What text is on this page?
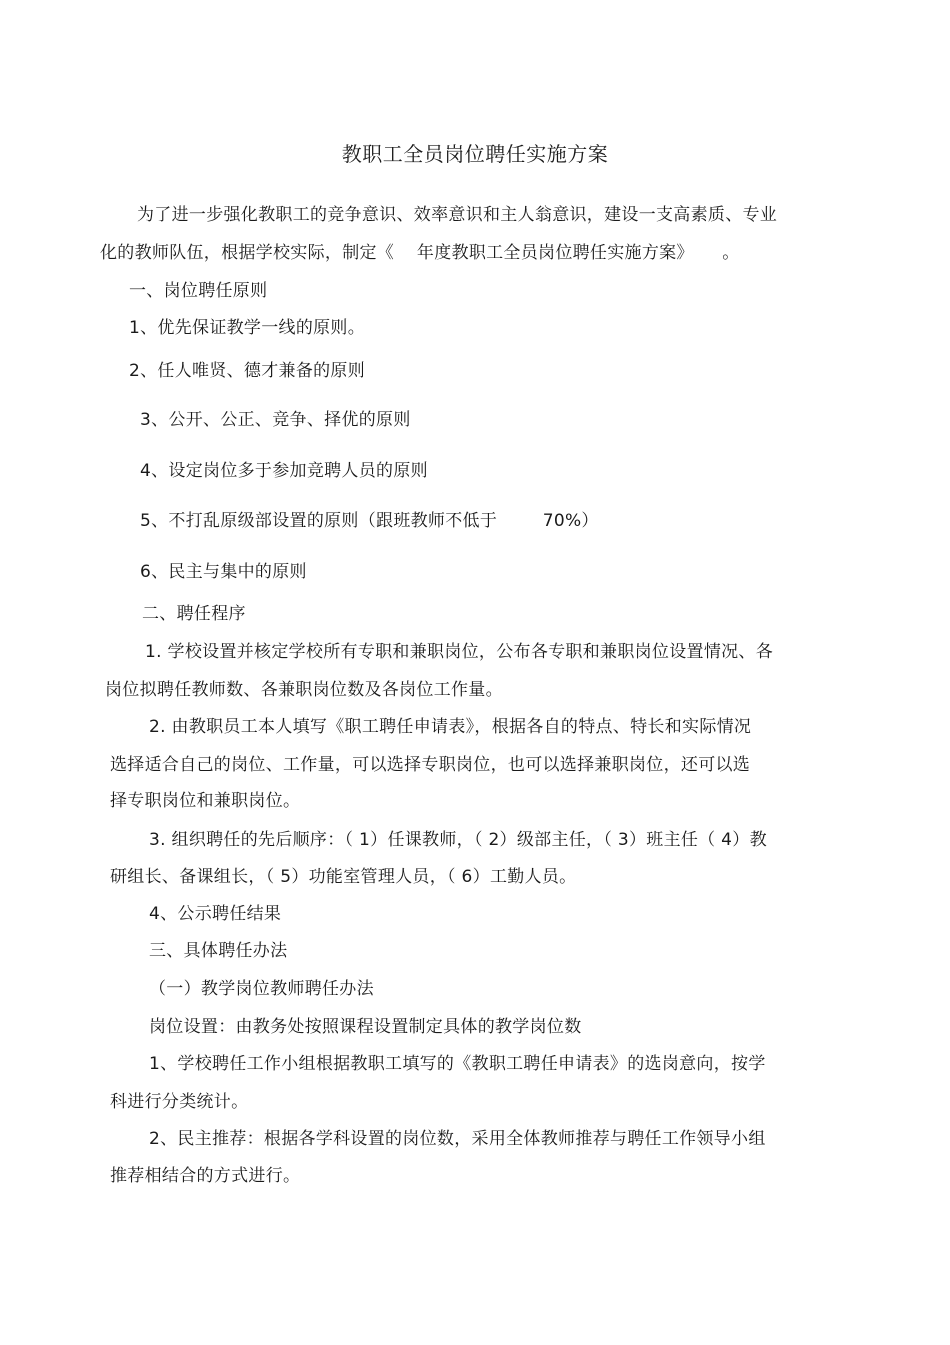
教职工全员岗位聘任实施方案
为了进一步强化教职工的竞争意识、效率意识和主人翁意识，建设一支高素质、专业
化的教师队伍，根据学校实际，制定《    年度教职工全员岗位聘任实施方案》     。
一、岗位聘任原则
1、优先保证教学一线的原则。
2、任人唯贤、德才兼备的原则
3、公开、公正、竞争、择优的原则
4、设定岗位多于参加竞聘人员的原则
5、不打乱原级部设置的原则（跟班教师不低于        70%）
6、民主与集中的原则
二、聘任程序
1. 学校设置并核定学校所有专职和兼职岗位，公布各专职和兼职岗位设置情况、各
岗位拟聘任教师数、各兼职岗位数及各岗位工作量。
2. 由教职员工本人填写《职工聘任申请表》，根据各自的特点、特长和实际情况
选择适合自己的岗位、工作量，可以选择专职岗位，也可以选择兼职岗位，还可以选
择专职岗位和兼职岗位。
3. 组织聘任的先后顺序：（ 1）任课教师，（ 2）级部主任，（ 3）班主任（ 4）教
研组长、备课组长，（ 5）功能室管理人员，（ 6）工勤人员。
4、公示聘任结果
三、具体聘任办法
（一）教学岗位教师聘任办法
岗位设置：由教务处按照课程设置制定具体的教学岗位数
1、学校聘任工作小组根据教职工填写的《教职工聘任申请表》的选岗意向，按学
科进行分类统计。
2、民主推荐：根据各学科设置的岗位数，采用全体教师推荐与聘任工作领导小组
推荐相结合的方式进行。
